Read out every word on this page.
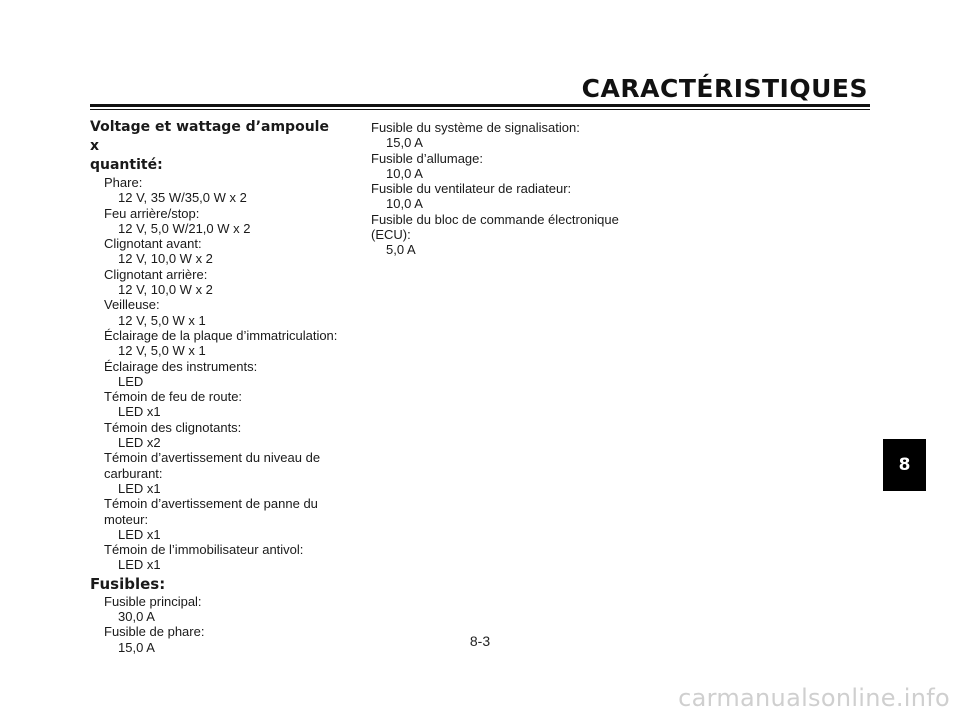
CARACTÉRISTIQUES
Voltage et wattage d’ampoule x
quantité:
Phare:
12 V, 35 W/35,0 W x 2
Feu arrière/stop:
12 V, 5,0 W/21,0 W x 2
Clignotant avant:
12 V, 10,0 W x 2
Clignotant arrière:
12 V, 10,0 W x 2
Veilleuse:
12 V, 5,0 W x 1
Éclairage de la plaque d’immatriculation:
12 V, 5,0 W x 1
Éclairage des instruments:
LED
Témoin de feu de route:
LED x1
Témoin des clignotants:
LED x2
Témoin d’avertissement du niveau de
carburant:
LED x1
Témoin d’avertissement de panne du
moteur:
LED x1
Témoin de l’immobilisateur antivol:
LED x1
Fusibles:
Fusible principal:
30,0 A
Fusible de phare:
15,0 A
Fusible du système de signalisation:
15,0 A
Fusible d’allumage:
10,0 A
Fusible du ventilateur de radiateur:
10,0 A
Fusible du bloc de commande électronique
(ECU):
5,0 A
8
8-3
carmanualsonline.info
